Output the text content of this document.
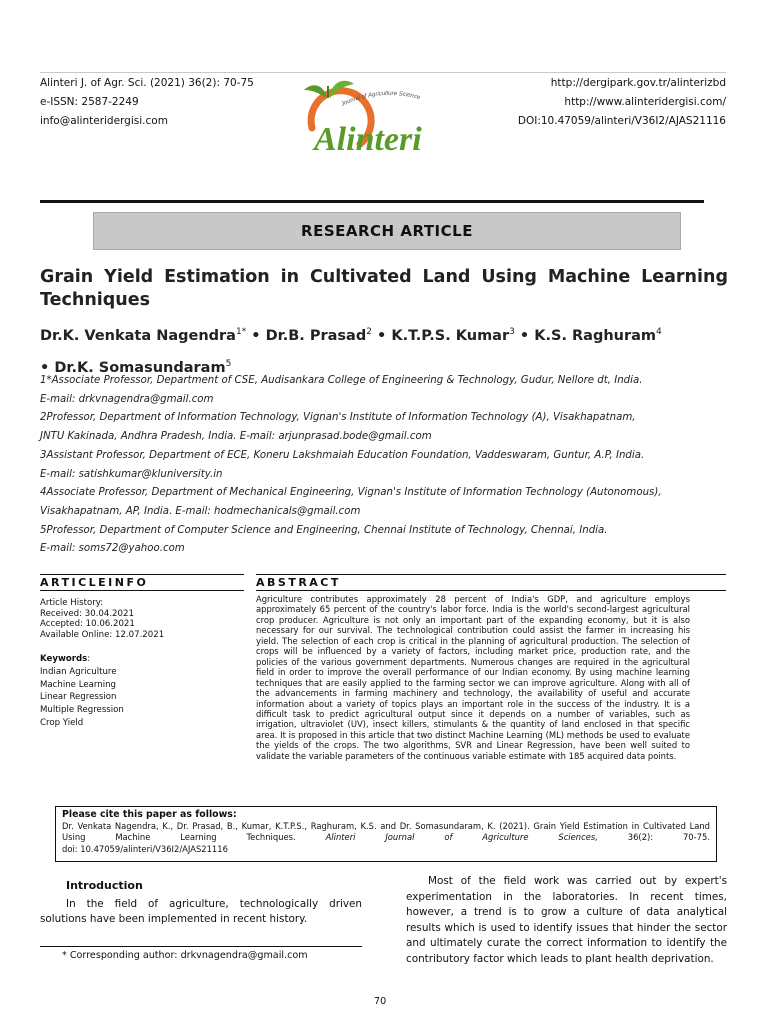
Alinteri J. of Agr. Sci. (2021) 36(2): 70-75
e-ISSN: 2587-2249
info@alinteridergisi.com
http://dergipark.gov.tr/alinterizbd
http://www.alinteridergisi.com/
DOI:10.47059/alinteri/V36I2/AJAS21116
Journal of Agriculture Science
Alinteri
RESEARCH ARTICLE
Grain Yield Estimation in Cultivated Land Using Machine Learning Techniques
Dr.K. Venkata Nagendra$^{1*}$ • Dr.B. Prasad$^2$ • K.T.P.S. Kumar$^3$ • K.S. Raghuram$^4$
• Dr.K. Somasundaram$^5$

1*Associate Professor, Department of CSE, Audisankara College of Engineering & Technology, Gudur, Nellore dt, India.

E-mail: drkvnagendra@gmail.com

2Professor, Department of Information Technology, Vignan's Institute of Information Technology (A), Visakhapatnam,

JNTU Kakinada, Andhra Pradesh, India. E-mail: arjunprasad.bode@gmail.com

3Assistant Professor, Department of ECE, Koneru Lakshmaiah Education Foundation, Vaddeswaram, Guntur, A.P, India.

E-mail: satishkumar@kluniversity.in

4Associate Professor, Department of Mechanical Engineering, Vignan's Institute of Information Technology (Autonomous),

Visakhapatnam, AP, India. E-mail: hodmechanicals@gmail.com

5Professor, Department of Computer Science and Engineering, Chennai Institute of Technology, Chennai, India.

E-mail: soms72@yahoo.com

ARTICLEINFO	ABSTRACT

Article History:

Received: 30.04.2021

Accepted: 10.06.2021

Available Online: 12.07.2021

Keywords:

Indian Agriculture

Machine Learning

Linear Regression

Multiple Regression

Crop Yield

Agriculture contributes approximately 28 percent of India's GDP, and agriculture employs approximately 65 percent of the country's labor force. India is the world's second-largest agricultural crop producer. Agriculture is not only an important part of the expanding economy, but it is also necessary for our survival. The technological contribution could assist the farmer in increasing his yield. The selection of each crop is critical in the planning of agricultural production. The selection of crops will be influenced by a variety of factors, including market price, production rate, and the policies of the various government departments. Numerous changes are required in the agricultural field in order to improve the overall performance of our Indian economy. By using machine learning techniques that are easily applied to the farming sector we can improve agriculture. Along with all of the advancements in farming machinery and technology, the availability of useful and accurate information about a variety of topics plays an important role in the success of the industry. It is a difficult task to predict agricultural output since it depends on a number of variables, such as irrigation, ultraviolet (UV), insect killers, stimulants & the quantity of land enclosed in that specific area. It is proposed in this article that two distinct Machine Learning (ML) methods be used to evaluate the yields of the crops. The two algorithms, SVR and Linear Regression, have been well suited to validate the variable parameters of the continuous variable estimate with 185 acquired data points.
Please cite this paper as follows:
Dr. Venkata Nagendra, K., Dr. Prasad, B., Kumar, K.T.P.S., Raghuram, K.S. and Dr. Somasundaram, K. (2021). Grain Yield Estimation in Cultivated Land Using Machine Learning Techniques.	Alinteri Journal of Agriculture Sciences,	36(2): 70-75.
doi: 10.47059/alinteri/V36I2/AJAS21116
Introduction
In the field of agriculture, technologically driven solutions have been implemented in recent history.
Most of the field work was carried out by expert's experimentation in the laboratories. In recent times, however, a trend is to grow a culture of data analytical results which is used to identify issues that hinder the sector and ultimately curate the correct information to identify the contributory factor which leads to plant health deprivation.
* Corresponding author: drkvnagendra@gmail.com
70
